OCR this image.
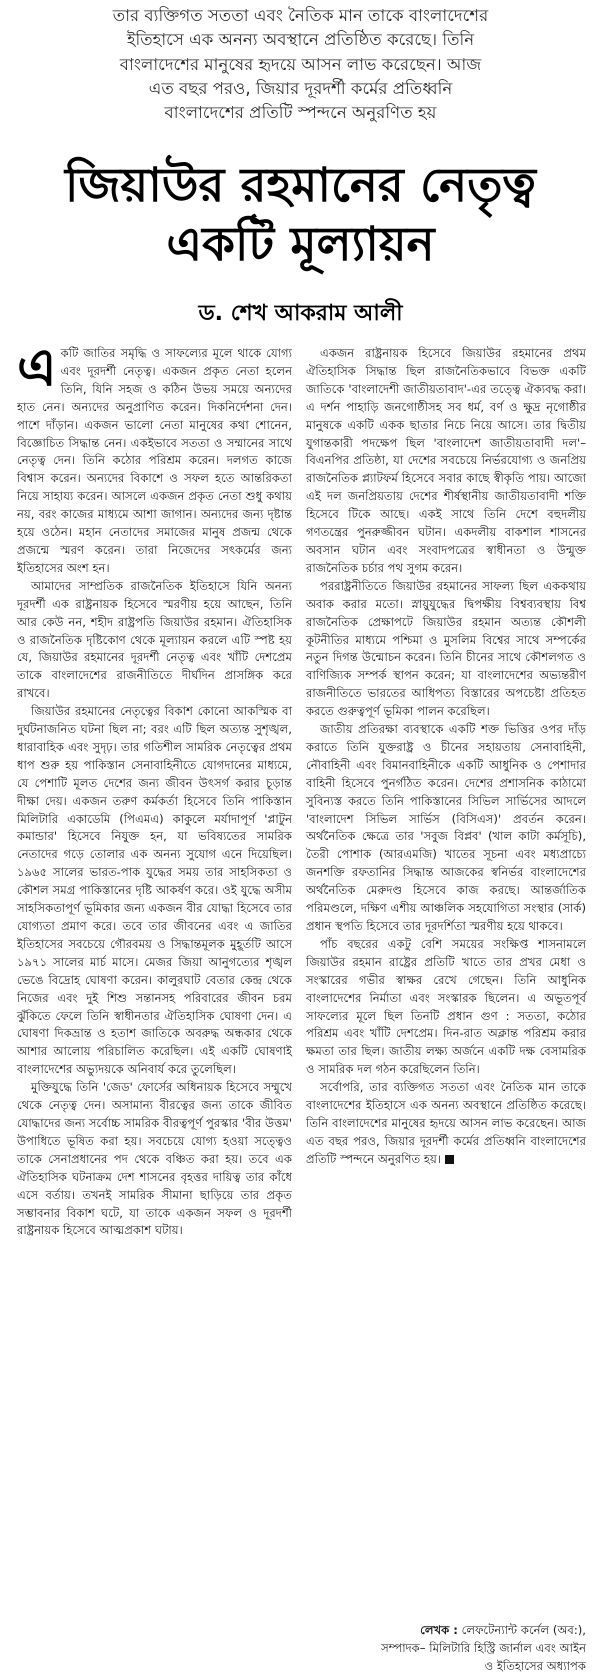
তার ব্যক্তিগত সততা এবং নৈতিক মান তাকে বাংলাদেশের
ইতিহাসে এক অনন্য অবস্থানে প্রতিষ্ঠিত করেছে। তিনি
বাংলাদেশের মানুষের হৃদয়ে আসন লাভ করেছেন। আজ
এত বছর পরও, জিয়ার দূরদর্শী কর্মের প্রতিধ্বনি
বাংলাদেশের প্রতিটি স্পন্দনে অনুরণিত হয়
জিয়াউর রহমানের নেতৃত্ব
একটি মূল্যায়ন
ড. শেখ আকরাম আলী

একটি জাতির সমৃদ্ধি ও সাফল্যের মূলে থাকে যোগ্য এবং দূরদর্শী নেতৃত্ব। একজন প্রকৃত নেতা হলেন তিনি, যিনি সহজ ও কঠিন উভয় সময়ে অন্যদের হাত নেন। অন্যদের অনুপ্রাণিত করেন। দিকনির্দেশনা দেন। পাশে দাঁড়ান। একজন ভালো নেতা মানুষের কথা শোনেন, বিজ্ঞোচিত সিদ্ধান্ত নেন। একইভাবে সততা ও সম্মানের সাথে নেতৃত্ব দেন। তিনি কঠোর পরিশ্রম করেন। দলগত কাজে বিশ্বাস করেন। অন্যদের বিকাশে ও সফল হতে আন্তরিকতা নিয়ে সাহায্য করেন। আসলে একজন প্রকৃত নেতা শুধু কথায় নয়, বরং কাজের মাধ্যমে আশা জাগান। অন্যদের জন্য দৃষ্টান্ত হয়ে ওঠেন। মহান নেতাদের সমাজের মানুষ প্রজন্ম থেকে প্রজন্মে স্মরণ করেন। তারা নিজেদের সৎকর্মের জন্য ইতিহাসের অংশ হন।

আমাদের সাম্প্রতিক রাজনৈতিক ইতিহাসে যিনি অনন্য দূরদর্শী এক রাষ্ট্রনায়ক হিসেবে স্মরণীয় হয়ে আছেন, তিনি আর কেউ নন, শহীদ রাষ্ট্রপতি জিয়াউর রহমান। ঐতিহাসিক ও রাজনৈতিক দৃষ্টিকোণ থেকে মূল্যায়ন করলে এটি স্পষ্ট হয় যে, জিয়াউর রহমানের দূরদর্শী নেতৃত্ব এবং খাঁটি দেশপ্রেম তাকে বাংলাদেশের রাজনীতিতে দীর্ঘদিন প্রাসঙ্গিক করে রাখবে।

জিয়াউর রহমানের নেতৃত্বের বিকাশ কোনো আকস্মিক বা দুর্ঘটনাজনিত ঘটনা ছিল না; বরং এটি ছিল অত্যন্ত সুশৃঙ্খল, ধারাবাহিক এবং সুদৃঢ়। তার গতিশীল সামরিক নেতৃত্বের প্রথম ধাপ শুরু হয় পাকিস্তান সেনাবাহিনীতে যোগদানের মাধ্যমে, যে পেশাটি মূলত দেশের জন্য জীবন উৎসর্গ করার চূড়ান্ত দীক্ষা দেয়। একজন তরুণ কর্মকর্তা হিসেবে তিনি পাকিস্তান মিলিটারি একাডেমি (পিএমএ) কাকুলে মর্যাদাপূর্ণ 'প্লাটুন কমান্ডার' হিসেবে নিযুক্ত হন, যা ভবিষ্যতের সামরিক নেতাদের গড়ে তোলার এক অনন্য সুযোগ এনে দিয়েছিল। ১৯৬৫ সালের ভারত-পাক যুদ্ধের সময় তার সাহসিকতা ও কৌশল সমগ্র পাকিস্তানের দৃষ্টি আকর্ষণ করে। ওই যুদ্ধে অসীম সাহসিকতাপূর্ণ ভূমিকার জন্য একজন বীর যোদ্ধা হিসেবে তার যোগ্যতা প্রমাণ করে। তবে তার জীবনের এবং এ জাতির ইতিহাসের সবচেয়ে গৌরবময় ও সিদ্ধান্তমূলক মুহূর্তটি আসে ১৯৭১ সালের মার্চ মাসে। মেজর জিয়া আনুগত্যের শৃঙ্খল ভেঙে বিদ্রোহ ঘোষণা করেন। কালুরঘাট বেতার কেন্দ্র থেকে নিজের এবং দুই শিশু সন্তানসহ পরিবারের জীবন চরম ঝুঁকিতে ফেলে তিনি স্বাধীনতার ঐতিহাসিক ঘোষণা দেন। এ ঘোষণা দিকভ্রান্ত ও হতাশ জাতিকে অবরুদ্ধ অন্ধকার থেকে আশার আলোয় পরিচালিত করেছিল। এই একটি ঘোষণাই বাংলাদেশের অভ্যুদয়কে অনিবার্য করে তুলেছিল।

মুক্তিযুদ্ধে তিনি 'জেড' ফোর্সের অধিনায়ক হিসেবে সম্মুখে থেকে নেতৃত্ব দেন। অসামান্য বীরত্বের জন্য তাকে জীবিত যোদ্ধাদের জন্য সর্বোচ্চ সামরিক বীরত্বপূর্ণ পুরস্কার 'বীর উত্তম' উপাধিতে ভূষিত করা হয়। সবচেয়ে যোগ্য হওয়া সত্ত্বেও তাকে সেনাপ্রধানের পদ থেকে বঞ্চিত করা হয়। তবে এক ঐতিহাসিক ঘটনাক্রম দেশ শাসনের বৃহত্তর দায়িত্ব তার কাঁধে এসে বর্তায়। তখনই সামরিক সীমানা ছাড়িয়ে তার প্রকৃত সম্ভাবনার বিকাশ ঘটে, যা তাকে একজন সফল ও দূরদর্শী রাষ্ট্রনায়ক হিসেবে আত্মপ্রকাশ ঘটায়।

একজন রাষ্ট্রনায়ক হিসেবে জিয়াউর রহমানের প্রথম ঐতিহাসিক সিদ্ধান্ত ছিল রাজনৈতিকভাবে বিভক্ত একটি জাতিকে 'বাংলাদেশী জাতীয়তাবাদ'-এর তত্ত্বে ঐক্যবদ্ধ করা। এ দর্শন পাহাড়ি জনগোষ্ঠীসহ সব ধর্ম, বর্ণ ও ক্ষুদ্র নৃগোষ্ঠীর মানুষকে একটি একক ছাতার নিচে নিয়ে আসে। তার দ্বিতীয় যুগান্তকারী পদক্ষেপ ছিল 'বাংলাদেশ জাতীয়তাবাদী দল'– বিএনপির প্রতিষ্ঠা, যা দেশের সবচেয়ে নির্ভরযোগ্য ও জনপ্রিয় রাজনৈতিক প্ল্যাটফর্ম হিসেবে সবার কাছে স্বীকৃতি পায়। আজো এই দল জনপ্রিয়তায় দেশের শীর্ষস্থানীয় জাতীয়তাবাদী শক্তি হিসেবে টিকে আছে। একই সাথে তিনি দেশে বহুদলীয় গণতন্ত্রের পুনরুজ্জীবন ঘটান। একদলীয় বাকশাল শাসনের অবসান ঘটান এবং সংবাদপত্রের স্বাধীনতা ও উন্মুক্ত রাজনৈতিক চর্চার পথ সুগম করেন।

পররাষ্ট্রনীতিতে জিয়াউর রহমানের সাফল্য ছিল এককথায় অবাক করার মতো। স্নায়ুযুদ্ধের দ্বিপক্ষীয় বিশ্বব্যবস্থায় বিশ্ব রাজনৈতিক প্রেক্ষাপটে জিয়াউর রহমান অত্যন্ত কৌশলী কূটনীতির মাধ্যমে পশ্চিমা ও মুসলিম বিশ্বের সাথে সম্পর্কের নতুন দিগন্ত উন্মোচন করেন। তিনি চীনের সাথে কৌশলগত ও বাণিজ্যিক সম্পর্ক স্থাপন করেন; যা বাংলাদেশের অভ্যন্তরীণ রাজনীতিতে ভারতের আধিপত্য বিস্তারের অপচেষ্টা প্রতিহত করতে গুরুত্বপূর্ণ ভূমিকা পালন করেছিল।

জাতীয় প্রতিরক্ষা ব্যবস্থাকে একটি শক্ত ভিত্তির ওপর দাঁড় করাতে তিনি যুক্তরাষ্ট্র ও চীনের সহায়তায় সেনাবাহিনী, নৌবাহিনী এবং বিমানবাহিনীকে একটি আধুনিক ও পেশাদার বাহিনী হিসেবে পুনর্গঠিত করেন। দেশের প্রশাসনিক কাঠামো সুবিন্যস্ত করতে তিনি পাকিস্তানের সিভিল সার্ভিসের আদলে 'বাংলাদেশ সিভিল সার্ভিস (বিসিএস)' প্রবর্তন করেন। অর্থনৈতিক ক্ষেত্রে তার 'সবুজ বিপ্লব' (খাল কাটা কর্মসূচি), তৈরী পোশাক (আরএমজি) খাতের সূচনা এবং মধ্যপ্রাচ্যে জনশক্তি রফতানির সিদ্ধান্ত আজকের স্বনির্ভর বাংলাদেশের অর্থনৈতিক মেরুদণ্ড হিসেবে কাজ করছে। আন্তর্জাতিক পরিমণ্ডলে, দক্ষিণ এশীয় আঞ্চলিক সহযোগিতা সংস্থার (সার্ক) প্রধান স্থপতি হিসেবে তার দূরদর্শিতা স্মরণীয় হয়ে থাকবে।

পাঁচ বছরের একটু বেশি সময়ের সংক্ষিপ্ত শাসনামলে জিয়াউর রহমান রাষ্ট্রের প্রতিটি খাতে তার প্রখর মেধা ও সংস্কারের গভীর স্বাক্ষর রেখে গেছেন। তিনি আধুনিক বাংলাদেশের নির্মাতা এবং সংস্কারক ছিলেন। এ অভূতপূর্ব সাফল্যের মূলে ছিল তিনটি প্রধান গুণ : সততা, কঠোর পরিশ্রম এবং খাঁটি দেশপ্রেম। দিন-রাত অক্লান্ত পরিশ্রম করার ক্ষমতা তার ছিল। জাতীয় লক্ষ্য অর্জনে একটি দক্ষ বেসামরিক ও সামরিক দল গঠন করেছিলেন তিনি।

সর্বোপরি, তার ব্যক্তিগত সততা এবং নৈতিক মান তাকে বাংলাদেশের ইতিহাসে এক অনন্য অবস্থানে প্রতিষ্ঠিত করেছে। তিনি বাংলাদেশের মানুষের হৃদয়ে আসন লাভ করেছেন। আজ এত বছর পরও, জিয়ার দূরদর্শী কর্মের প্রতিধ্বনি বাংলাদেশের প্রতিটি স্পন্দনে অনুরণিত হয়।

লেখক : লেফটেন্যান্ট কর্নেল (অব:),
সম্পাদক– মিলিটারি হিস্ট্রি জার্নাল এবং আইন
ও ইতিহাসের অধ্যাপক
